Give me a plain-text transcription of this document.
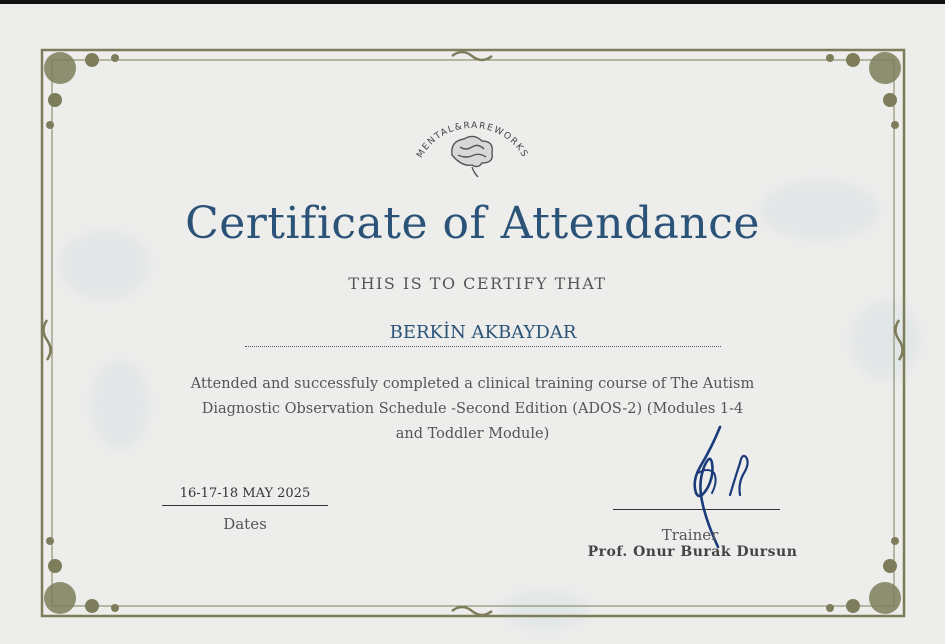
MENTAL&RAREWORKS
Certificate of Attendance
THIS IS TO CERTIFY THAT
BERKİN AKBAYDAR
Attended and successfuly completed a clinical training course of The Autism
Diagnostic Observation Schedule -Second Edition (ADOS-2) (Modules 1-4
and Toddler Module)
16-17-18 MAY 2025
Dates
Trainer
Prof. Onur Burak Dursun
